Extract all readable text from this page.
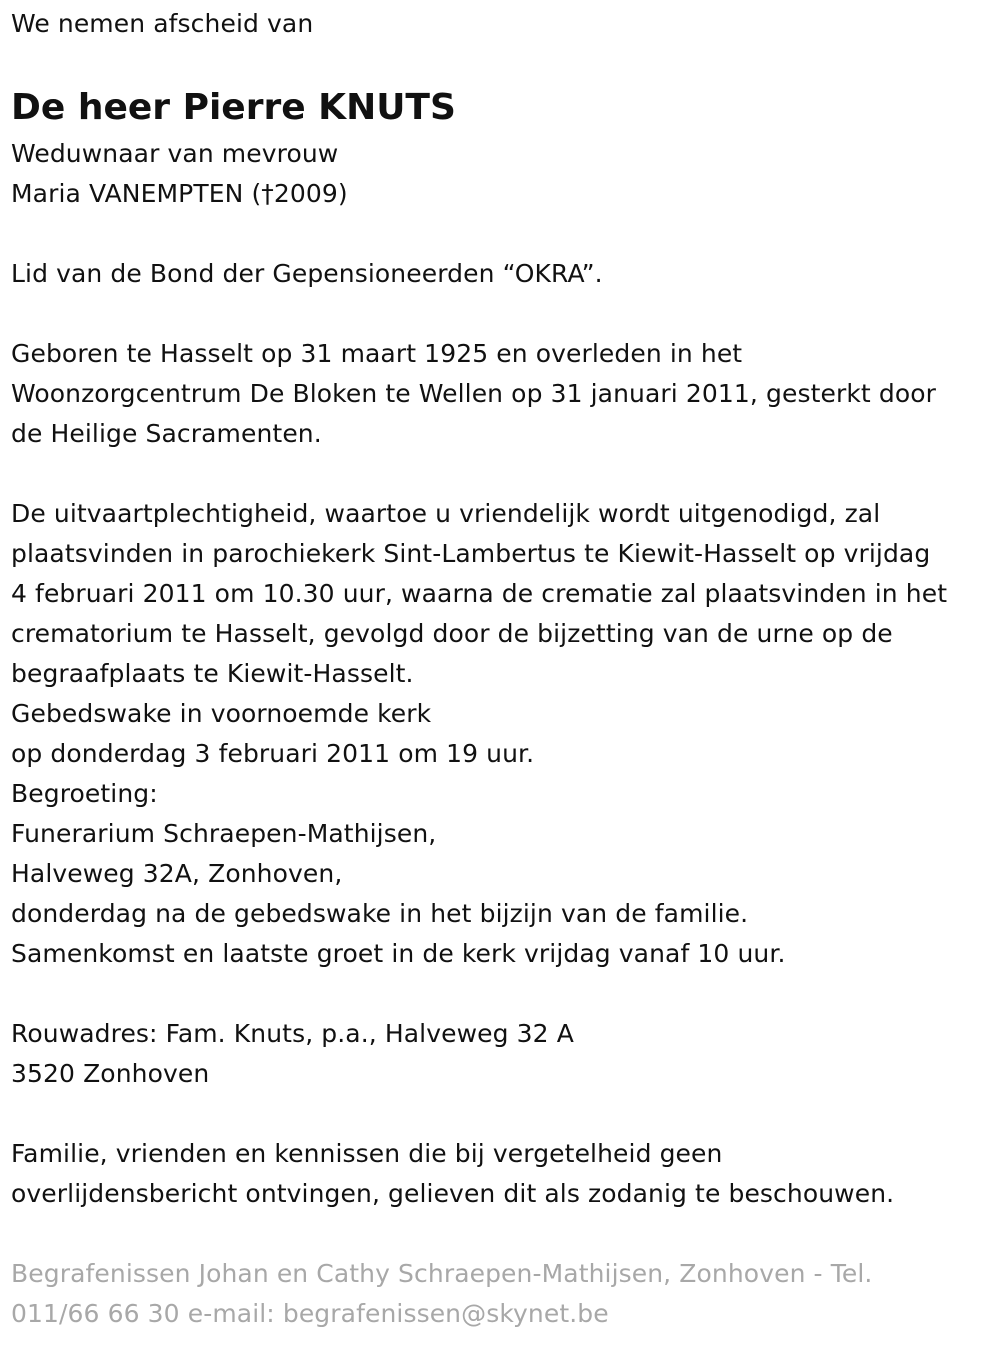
We nemen afscheid van
De heer Pierre KNUTS
Weduwnaar van mevrouw
Maria VANEMPTEN (†2009)
Lid van de Bond der Gepensioneerden “OKRA”.
Geboren te Hasselt op 31 maart 1925 en overleden in het
Woonzorgcentrum De Bloken te Wellen op 31 januari 2011, gesterkt door
de Heilige Sacramenten.
De uitvaartplechtigheid, waartoe u vriendelijk wordt uitgenodigd, zal
plaatsvinden in parochiekerk Sint-Lambertus te Kiewit-Hasselt op vrijdag
4 februari 2011 om 10.30 uur, waarna de crematie zal plaatsvinden in het
crematorium te Hasselt, gevolgd door de bijzetting van de urne op de
begraafplaats te Kiewit-Hasselt.
Gebedswake in voornoemde kerk
op donderdag 3 februari 2011 om 19 uur.
Begroeting:
Funerarium Schraepen-Mathijsen,
Halveweg 32A, Zonhoven,
donderdag na de gebedswake in het bijzijn van de familie.
Samenkomst en laatste groet in de kerk vrijdag vanaf 10 uur.
Rouwadres: Fam. Knuts, p.a., Halveweg 32 A
3520 Zonhoven
Familie, vrienden en kennissen die bij vergetelheid geen
overlijdensbericht ontvingen, gelieven dit als zodanig te beschouwen.
Begrafenissen Johan en Cathy Schraepen-Mathijsen, Zonhoven - Tel.
011/66 66 30 e-mail: begrafenissen@skynet.be
